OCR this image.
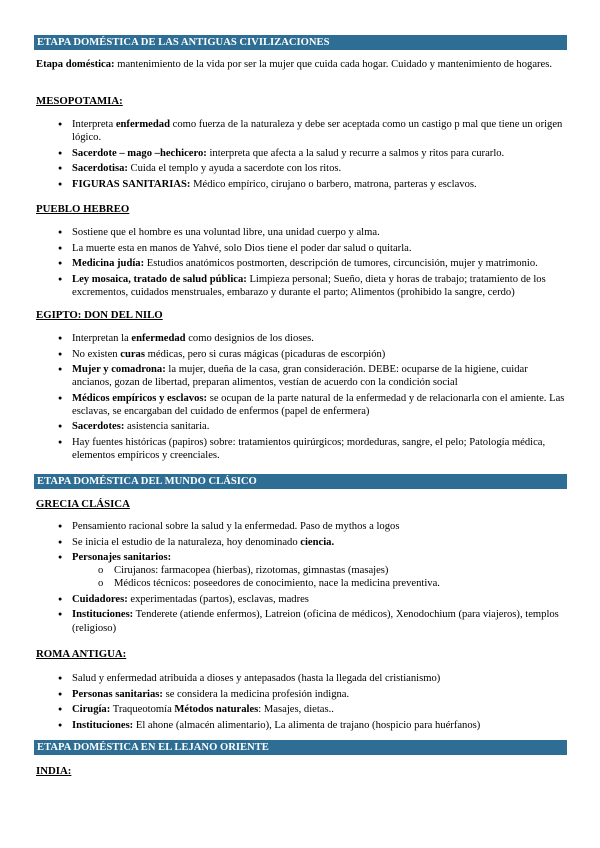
ETAPA DOMÉSTICA DE LAS ANTIGUAS CIVILIZACIONES
Etapa doméstica: mantenimiento de la vida por ser la mujer que cuida cada hogar. Cuidado y mantenimiento de hogares.
MESOPOTAMIA:
● Interpreta enfermedad como fuerza de la naturaleza y debe ser aceptada como un castigo p mal que tiene un origen lógico.
● Sacerdote – mago –hechicero: interpreta que afecta a la salud y recurre a salmos y ritos para curarlo.
● Sacerdotisa: Cuida el templo y ayuda a sacerdote con los ritos.
● FIGURAS SANITARIAS: Médico empírico, cirujano o barbero, matrona, parteras y esclavos.
PUEBLO HEBREO
● Sostiene que el hombre es una voluntad libre, una unidad cuerpo y alma.
● La muerte esta en manos de Yahvé, solo Dios tiene el poder dar salud o quitarla.
● Medicina judía: Estudios anatómicos postmorten, descripción de tumores, circuncisión, mujer y matrimonio.
● Ley mosaica, tratado de salud pública: Limpieza personal; Sueño, dieta y horas de trabajo; tratamiento de los excrementos, cuidados menstruales, embarazo y durante el parto; Alimentos (prohibido la sangre, cerdo)
EGIPTO: DON DEL NILO
● Interpretan la enfermedad como designios de los dioses.
● No existen curas médicas, pero si curas mágicas (picaduras de escorpión)
● Mujer y comadrona: la mujer, dueña de la casa, gran consideración. DEBE: ocuparse de la higiene, cuidar ancianos, gozan de libertad, preparan alimentos, vestían de acuerdo con la condición social
● Médicos empíricos y esclavos: se ocupan de la parte natural de la enfermedad y de relacionarla con el amiente. Las esclavas, se encargaban del cuidado de enfermos (papel de enfermera)
● Sacerdotes: asistencia sanitaria.
● Hay fuentes históricas (papiros) sobre: tratamientos quirúrgicos; mordeduras, sangre, el pelo; Patología médica, elementos empíricos y creenciales.
ETAPA DOMÉSTICA DEL MUNDO CLÁSICO
GRECIA CLÁSICA
● Pensamiento racional sobre la salud y la enfermedad. Paso de mythos a logos
● Se inicia el estudio de la naturaleza, hoy denominado ciencia.
● Personajes sanitarios:
o Cirujanos: farmacopea (hierbas), rizotomas, gimnastas (masajes)
o Médicos técnicos: poseedores de conocimiento, nace la medicina preventiva.
● Cuidadores: experimentadas (partos), esclavas, madres
● Instituciones: Tenderete (atiende enfermos), Latreion (oficina de médicos), Xenodochium (para viajeros), templos (religioso)
ROMA ANTIGUA:
● Salud y enfermedad atribuida a dioses y antepasados (hasta la llegada del cristianismo)
● Personas sanitarias: se considera la medicina profesión indigna.
● Cirugía: Traqueotomía Métodos naturales: Masajes, dietas..
● Instituciones: El ahone (almacén alimentario), La alimenta de trajano (hospicio para huérfanos)
ETAPA DOMÉSTICA EN EL LEJANO ORIENTE
INDIA:
